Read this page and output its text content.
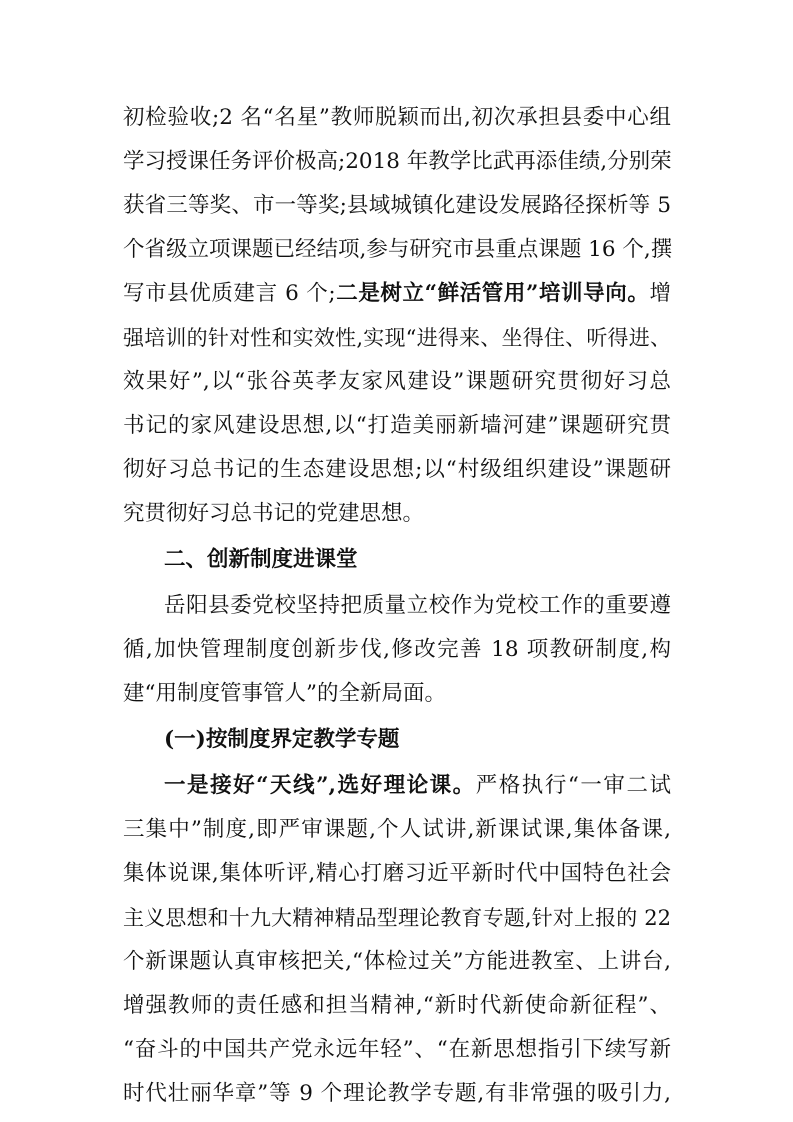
初检验收;2 名“名星”教师脱颖而出,初次承担县委中心组
学习授课任务评价极高;2018 年教学比武再添佳绩,分别荣
获省三等奖、市一等奖;县域城镇化建设发展路径探析等 5
个省级立项课题已经结项,参与研究市县重点课题 16 个,撰
写市县优质建言 6 个;二是树立“鲜活管用”培训导向。增
强培训的针对性和实效性,实现“进得来、坐得住、听得进、
效果好”,以“张谷英孝友家风建设”课题研究贯彻好习总
书记的家风建设思想,以“打造美丽新墙河建”课题研究贯
彻好习总书记的生态建设思想;以“村级组织建设”课题研
究贯彻好习总书记的党建思想。
二、创新制度进课堂
岳阳县委党校坚持把质量立校作为党校工作的重要遵
循,加快管理制度创新步伐,修改完善 18 项教研制度,构
建“用制度管事管人”的全新局面。
(一)按制度界定教学专题
一是接好“天线”,选好理论课。严格执行“一审二试
三集中”制度,即严审课题,个人试讲,新课试课,集体备课,
集体说课,集体听评,精心打磨习近平新时代中国特色社会
主义思想和十九大精神精品型理论教育专题,针对上报的 22
个新课题认真审核把关,“体检过关”方能进教室、上讲台,
增强教师的责任感和担当精神,“新时代新使命新征程”、
“奋斗的中国共产党永远年轻”、“在新思想指引下续写新
时代壮丽华章”等 9 个理论教学专题,有非常强的吸引力,
